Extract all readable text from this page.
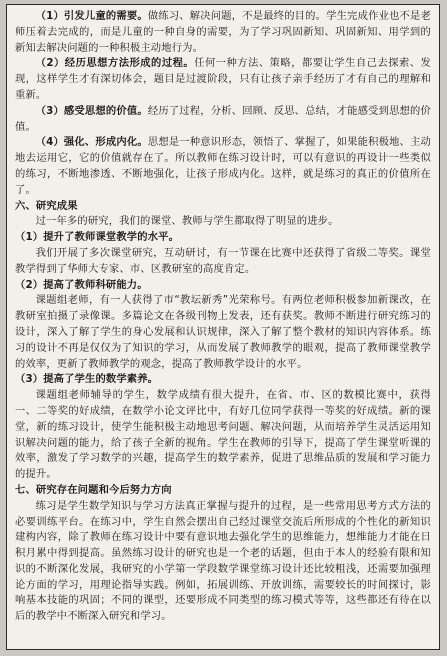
（1）引发儿童的需要。做练习、解决问题，不是最终的目的。学生完成作业也不是老师压着去完成的，而是儿童的一种自身的需要，为了学习巩固新知、巩固新知、用学到的新知去解决问题的一种积极主动地行为。

（2）经历思想方法形成的过程。任何一种方法、策略，都要让学生自己去探索、发现，这样学生才有深切体会，题目是过渡阶段，只有让孩子亲手经历了才有自己的理解和重新。

（3）感受思想的价值。经历了过程，分析、回顾、反思、总结，才能感受到思想的价值。

（4）强化、形成内化。思想是一种意识形态，领悟了、掌握了，如果能积极地、主动地去运用它，它的价值就存在了。所以教师在练习设计时，可以有意识的再设计一些类似的练习，不断地渗透、不断地强化，让孩子形成内化。这样，就是练习的真正的价值所在了。

六、研究成果

过一年多的研究，我们的课堂、教师与学生都取得了明显的进步。

（1）提升了教师课堂教学的水平。

我们开展了多次课堂研究，互动研讨，有一节课在比赛中还获得了省级二等奖。课堂教学得到了华师大专家、市、区教研室的高度肯定。

（2）提高了教师科研能力。

课题组老师，有一人获得了市“教坛新秀”光荣称号。有两位老师积极参加新课改，在教研室拍摄了录像课。多篇论文在各级刊物上发表，还有获奖。教师不断进行研究练习的设计，深入了解了学生的身心发展和认识规律，深入了解了整个教材的知识内容体系。练习的设计不再是仅仅为了知识的学习，从而发展了教师教学的眼观，提高了教师课堂教学的效率，更新了教师教学的观念，提高了教师教学设计的水平。

（3）提高了学生的数学素养。

课题组老师辅导的学生，数学成绩有很大提升，在省、市、区的数模比赛中，获得一、二等奖的好成绩，在数学小论文评比中，有好几位同学获得一等奖的好成绩。新的课堂，新的练习设计，使学生能积极主动地思考问题、解决问题，从而培养学生灵活运用知识解决问题的能力，给了孩子全新的视角。学生在教师的引导下，提高了学生课堂听课的效率，激发了学习数学的兴趣，提高学生的数学素养，促进了思维品质的发展和学习能力的提升。

七、研究存在问题和今后努力方向

练习是学生数学知识与学习方法真正掌握与提升的过程，是一些常用思考方式方法的必要训练平台。在练习中，学生自然会摆出自己经过课堂交流后所形成的个性化的新知识建构内容，除了教师在练习设计中要有意识地去强化学生的思维能力，想维能力才能在日积月累中得到提高。虽然练习设计的研究也是一个老的话题，但由于本人的经验有限和知识的不断深化发展，我研究的小学第一学段数学课堂练习设计还比较粗浅，还需要加强理论方面的学习，用理论指导实践。例如，拓展训练、开放训练，需要较长的时间探讨，影响基本技能的巩固；不同的课型，还要形成不同类型的练习模式等等，这些都还有待在以后的教学中不断深入研究和学习。
